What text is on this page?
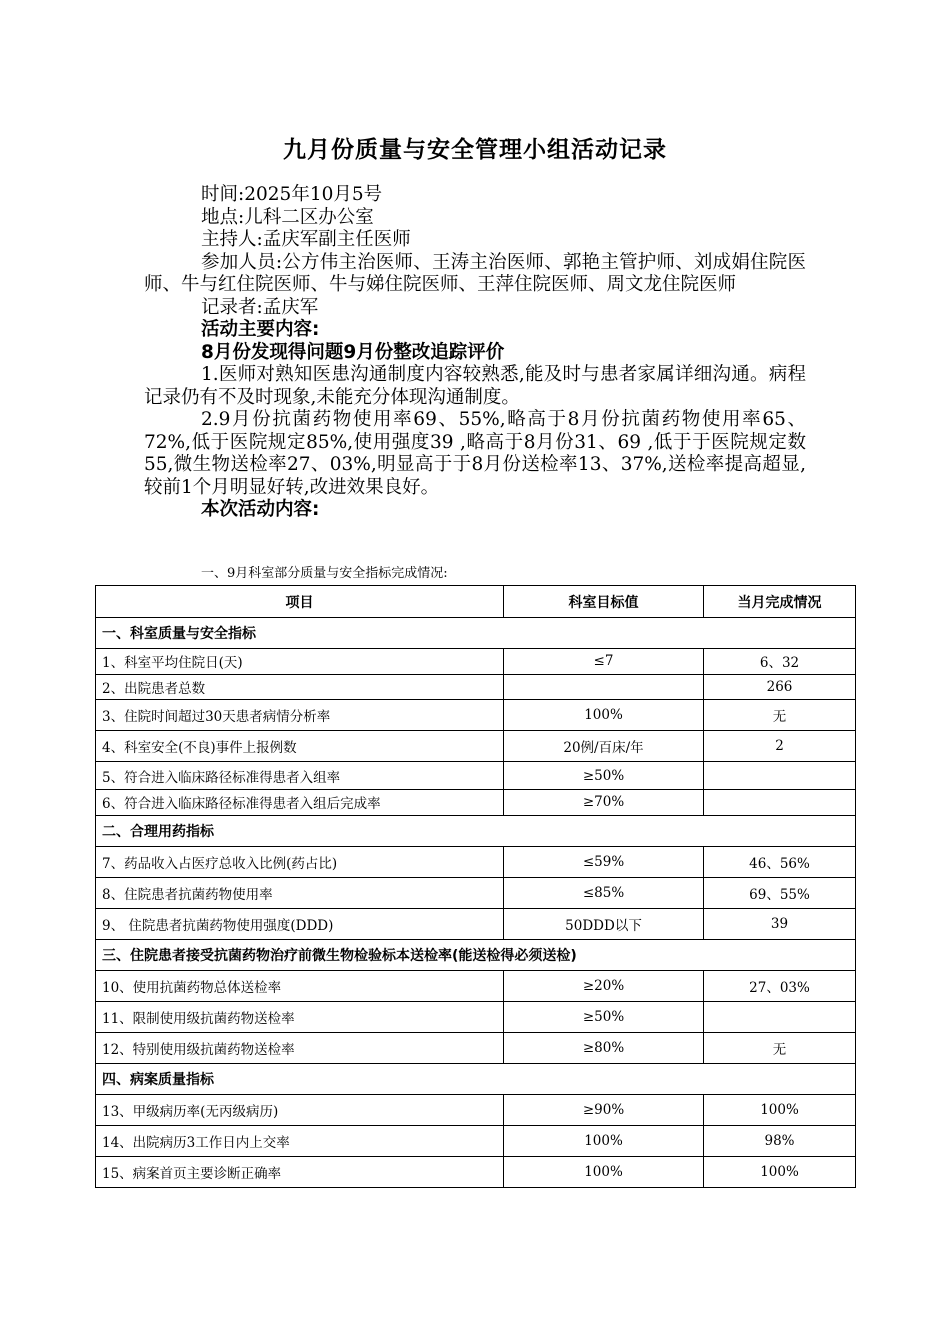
九月份质量与安全管理小组活动记录

时间:2025年10月5号

地点:儿科二区办公室

主持人:孟庆军副主任医师

参加人员:公方伟主治医师、王涛主治医师、郭艳主管护师、刘成娟住院医师、牛与红住院医师、牛与娣住院医师、王萍住院医师、周文龙住院医师

记录者:孟庆军

活动主要内容:

8月份发现得问题9月份整改追踪评价

1.医师对熟知医患沟通制度内容较熟悉,能及时与患者家属详细沟通。病程记录仍有不及时现象,未能充分体现沟通制度。

2.9月份抗菌药物使用率69、55%,略高于8月份抗菌药物使用率65、72%,低于医院规定85%,使用强度39 ,略高于8月份31、69 ,低于于医院规定数55,微生物送检率27、03%,明显高于于8月份送检率13、37%,送检率提高超显,较前1个月明显好转,改进效果良好。

本次活动内容:

一、9月科室部分质量与安全指标完成情况:
项目	科室目标值	当月完成情况
一、科室质量与安全指标		
1、科室平均住院日(天)	≤7	6、32
2、出院患者总数		266
3、住院时间超过30天患者病情分析率	100%	无
4、科室安全(不良)事件上报例数	20例/百床/年	2
5、符合进入临床路径标准得患者入组率	≥50%	
6、符合进入临床路径标准得患者入组后完成率	≥70%	
二、合理用药指标		
7、药品收入占医疗总收入比例(药占比)	≤59%	46、56%
8、住院患者抗菌药物使用率	≤85%	69、55%
9、 住院患者抗菌药物使用强度(DDD)	50DDD以下	39
三、住院患者接受抗菌药物治疗前微生物检验标本送检率(能送检得必须送检)		
10、使用抗菌药物总体送检率	≥20%	27、03%
11、限制使用级抗菌药物送检率	≥50%	
12、特别使用级抗菌药物送检率	≥80%	无
四、病案质量指标		
13、甲级病历率(无丙级病历)	≥90%	100%
14、出院病历3工作日内上交率	100%	98%
15、病案首页主要诊断正确率	100%	100%
